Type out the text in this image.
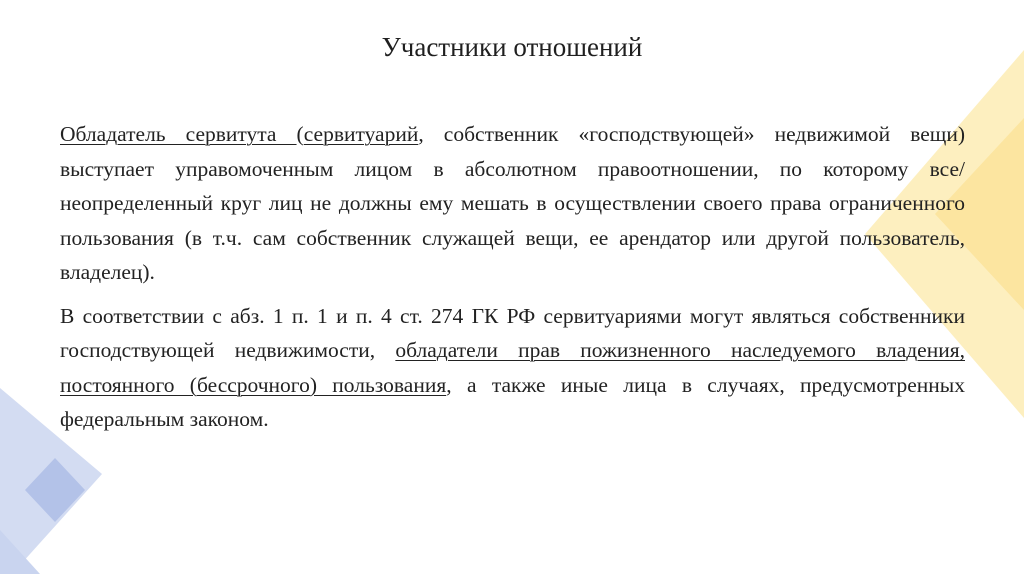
Участники отношений

Обладатель сервитута (сервитуарий, собственник «господствующей» недвижимой вещи) выступает управомоченным лицом в абсолютном правоотношении, по которому все/неопределенный круг лиц не должны ему мешать в осуществлении своего права ограниченного пользования (в т.ч. сам собственник служащей вещи, ее арендатор или другой пользователь, владелец).

В соответствии с абз. 1 п. 1 и п. 4 ст. 274 ГК РФ сервитуариями могут являться собственники господствующей недвижимости, обладатели прав пожизненного наследуемого владения, постоянного (бессрочного) пользования, а также иные лица в случаях, предусмотренных федеральным законом.
